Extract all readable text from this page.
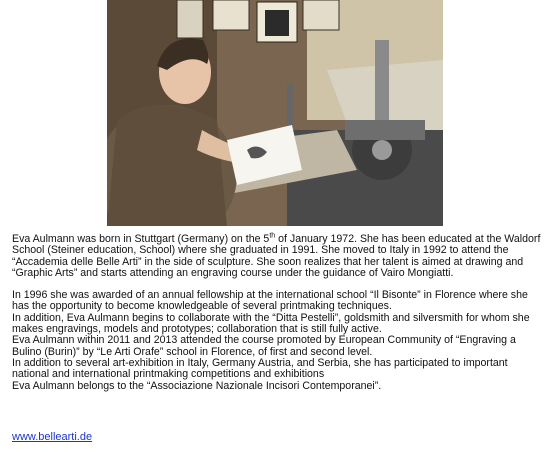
Eva Aulmann was born in Stuttgart (Germany) on the 5th of January 1972. She has been educated at the Waldorf School (Steiner education, School) where she graduated in 1991. She moved to Italy in 1992 to attend the “Accademia delle Belle Arti” in the side of sculpture. She soon realizes that her talent is aimed at drawing and “Graphic Arts” and starts attending an engraving course under the guidance of Vairo Mongiatti.

In 1996 she was awarded of an annual fellowship at the international school “Il Bisonte” in Florence where she has the opportunity to become knowledgeable of several printmaking techniques.
In addition, Eva Aulmann begins to collaborate with the “Ditta Pestelli”, goldsmith and silversmith for whom she makes engravings, models and prototypes; collaboration that is still fully active.
Eva Aulmann within 2011 and 2013 attended the course promoted by European Community of “Engraving a Bulino (Burin)” by “Le Arti Orafe” school in Florence, of first and second level.
In addition to several art-exhibition in Italy, Germany Austria, and Serbia, she has participated to important national and international printmaking competitions and exhibitions
Eva Aulmann belongs to the “Associazione Nazionale Incisori Contemporanei”.

www.bellearti.de
